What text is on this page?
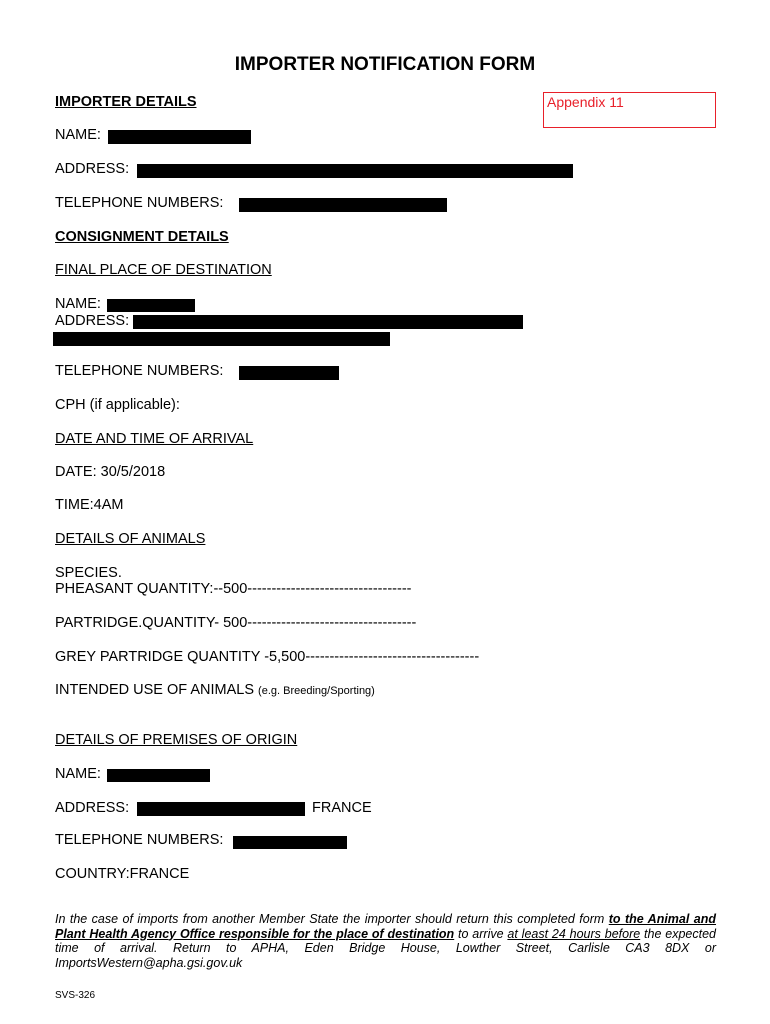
IMPORTER NOTIFICATION FORM
Appendix 11
IMPORTER DETAILS
NAME:
ADDRESS:
TELEPHONE NUMBERS:
CONSIGNMENT DETAILS
FINAL PLACE OF DESTINATION
NAME:
ADDRESS:
TELEPHONE NUMBERS:
CPH (if applicable):
DATE AND TIME OF ARRIVAL
DATE: 30/5/2018
TIME:4AM
DETAILS OF ANIMALS
SPECIES.
PHEASANT QUANTITY:--500----------------------------------
PARTRIDGE.QUANTITY- 500-----------------------------------
GREY PARTRIDGE QUANTITY -5,500------------------------------------
INTENDED USE OF ANIMALS (e.g. Breeding/Sporting)
DETAILS OF PREMISES OF ORIGIN
NAME:
ADDRESS:	FRANCE
TELEPHONE NUMBERS:
COUNTRY:FRANCE
In the case of imports from another Member State the importer should return this completed form to the Animal and Plant Health Agency Office responsible for the place of destination to arrive at least 24 hours before the expected time of arrival. Return to APHA, Eden Bridge House, Lowther Street, Carlisle CA3 8DX or ImportsWestern@apha.gsi.gov.uk
SVS-326
